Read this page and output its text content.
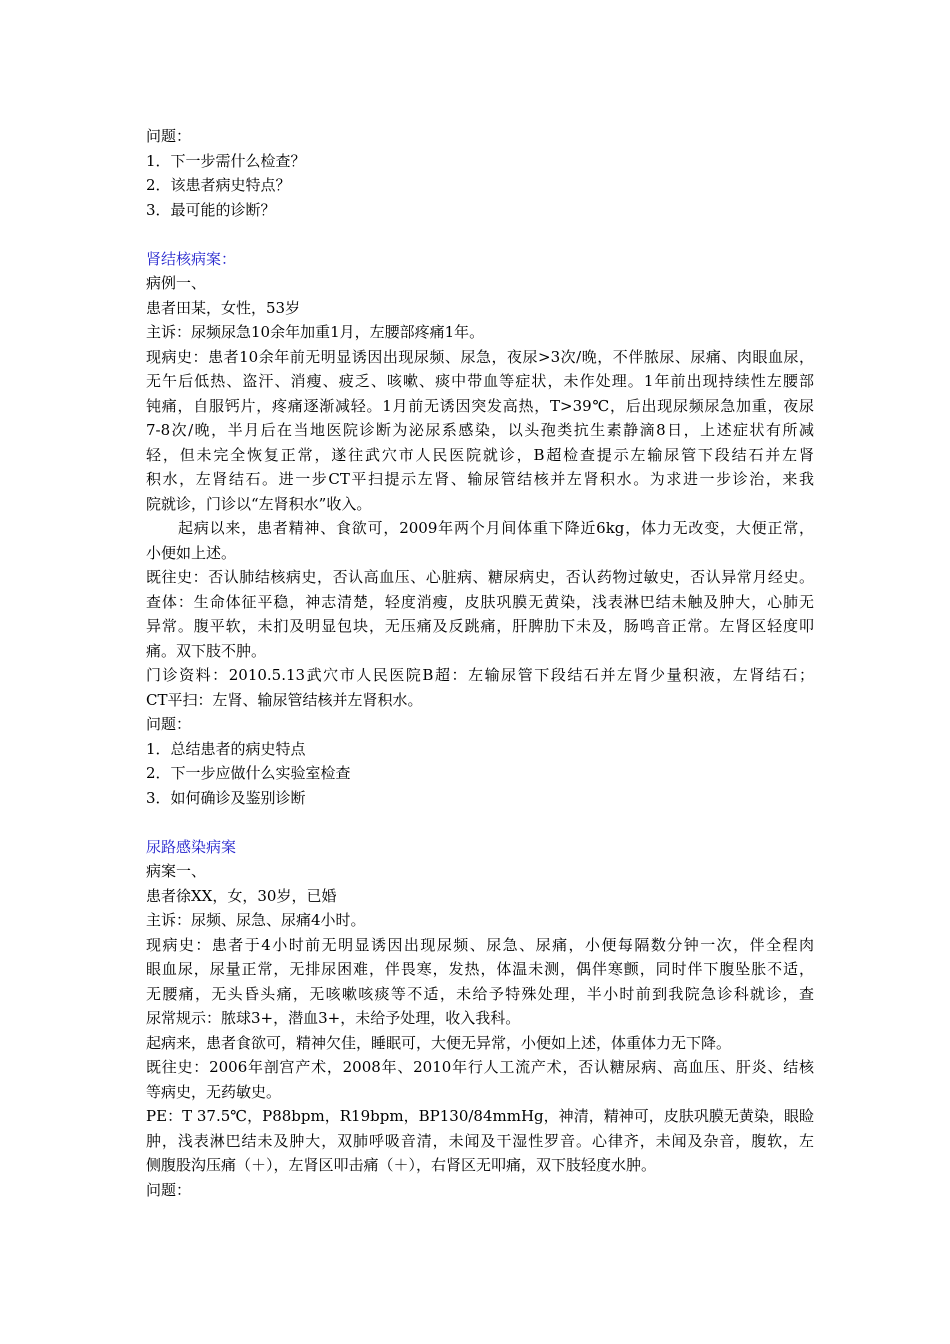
问题：
1．下一步需什么检查？
2．该患者病史特点？
3．最可能的诊断？
肾结核病案：
病例一、
患者田某，女性，53岁
主诉：尿频尿急10余年加重1月，左腰部疼痛1年。
现病史：患者10余年前无明显诱因出现尿频、尿急，夜尿>3次/晚，不伴脓尿、尿痛、肉眼血尿，
无午后低热、盗汗、消瘦、疲乏、咳嗽、痰中带血等症状，未作处理。1年前出现持续性左腰部
钝痛，自服钙片，疼痛逐渐减轻。1月前无诱因突发高热，T>39℃，后出现尿频尿急加重，夜尿
7-8次/晚，半月后在当地医院诊断为泌尿系感染，以头孢类抗生素静滴8日，上述症状有所减
轻，但未完全恢复正常，遂往武穴市人民医院就诊，B超检查提示左输尿管下段结石并左肾
积水，左肾结石。进一步CT平扫提示左肾、输尿管结核并左肾积水。为求进一步诊治，来我
院就诊，门诊以“左肾积水”收入。
起病以来，患者精神、食欲可，2009年两个月间体重下降近6kg，体力无改变，大便正常，
小便如上述。
既往史：否认肺结核病史，否认高血压、心脏病、糖尿病史，否认药物过敏史，否认异常月经史。
查体：生命体征平稳，神志清楚，轻度消瘦，皮肤巩膜无黄染，浅表淋巴结未触及肿大，心肺无
异常。腹平软，未扪及明显包块，无压痛及反跳痛，肝脾肋下未及，肠鸣音正常。左肾区轻度叩
痛。双下肢不肿。
门诊资料：2010.5.13武穴市人民医院B超：左输尿管下段结石并左肾少量积液，左肾结石；
CT平扫：左肾、输尿管结核并左肾积水。
问题：
1．总结患者的病史特点
2．下一步应做什么实验室检查
3．如何确诊及鉴别诊断
尿路感染病案
病案一、
患者徐XX，女，30岁，已婚
主诉：尿频、尿急、尿痛4小时。
现病史：患者于4小时前无明显诱因出现尿频、尿急、尿痛，小便每隔数分钟一次，伴全程肉
眼血尿，尿量正常，无排尿困难，伴畏寒，发热，体温未测，偶伴寒颤，同时伴下腹坠胀不适，
无腰痛，无头昏头痛，无咳嗽咳痰等不适，未给予特殊处理，半小时前到我院急诊科就诊，查
尿常规示：脓球3+，潜血3+，未给予处理，收入我科。
起病来，患者食欲可，精神欠佳，睡眠可，大便无异常，小便如上述，体重体力无下降。
既往史：2006年剖宫产术，2008年、2010年行人工流产术，否认糖尿病、高血压、肝炎、结核
等病史，无药敏史。
PE：T 37.5℃，P88bpm，R19bpm，BP130/84mmHg，神清，精神可，皮肤巩膜无黄染，眼睑
肿，浅表淋巴结未及肿大，双肺呼吸音清，未闻及干湿性罗音。心律齐，未闻及杂音，腹软，左
侧腹股沟压痛（＋），左肾区叩击痛（＋），右肾区无叩痛，双下肢轻度水肿。
问题：
